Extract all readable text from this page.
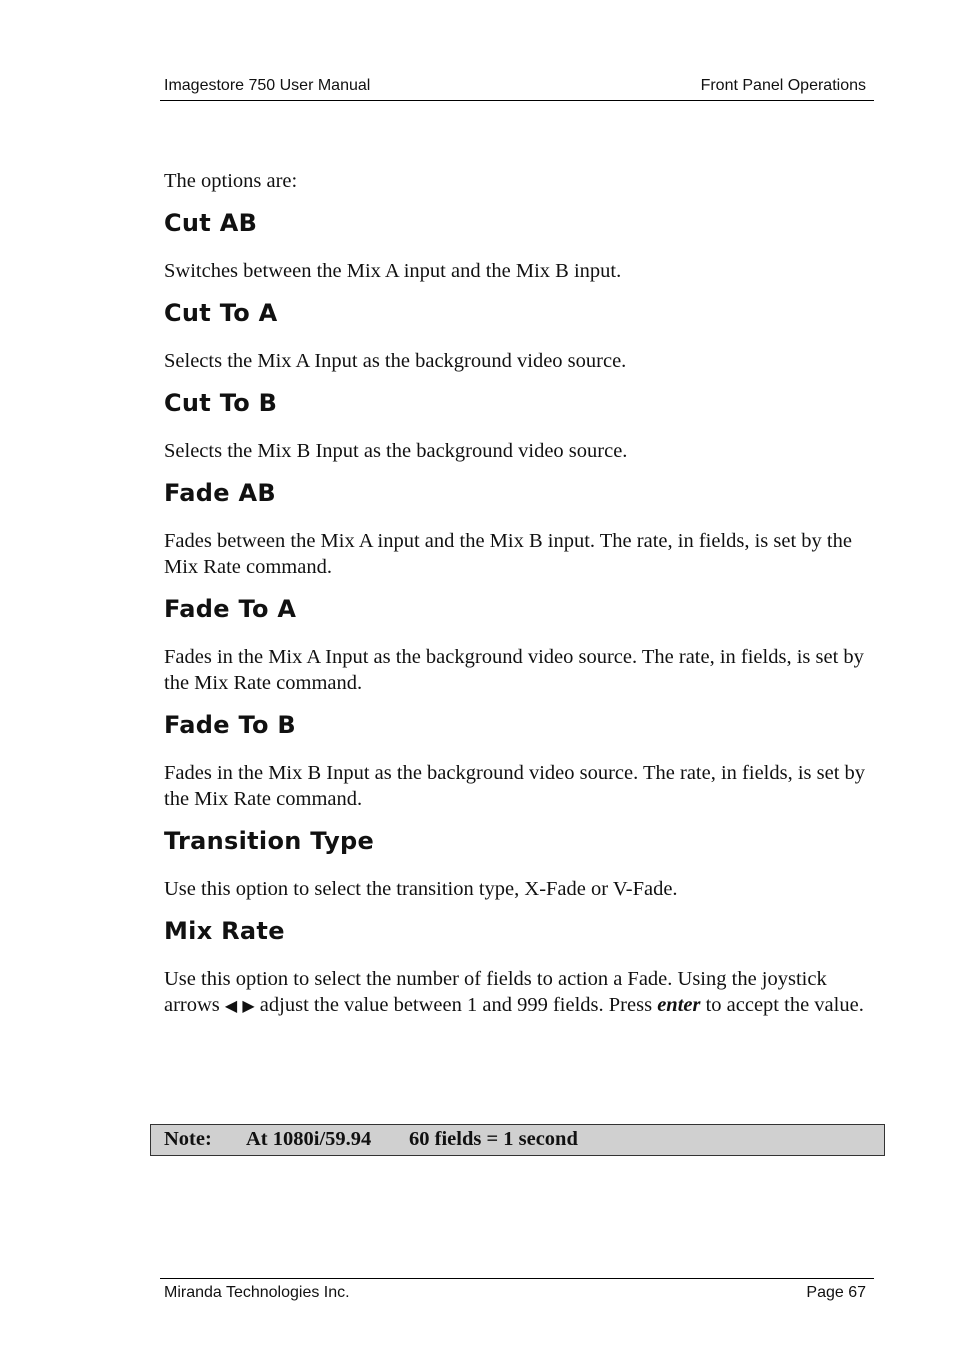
Imagestore 750 User Manual	Front Panel Operations

The options are:

Cut AB

Switches between the Mix A input and the Mix B input.

Cut To A

Selects the Mix A Input as the background video source.

Cut To B

Selects the Mix B Input as the background video source.

Fade AB

Fades between the Mix A input and the Mix B input. The rate, in fields, is set by the Mix Rate command.

Fade To A

Fades in the Mix A Input as the background video source. The rate, in fields, is set by the Mix Rate command.

Fade To B

Fades in the Mix B Input as the background video source. The rate, in fields, is set by the Mix Rate command.

Transition Type

Use this option to select the transition type, X-Fade or V-Fade.

Mix Rate

Use this option to select the number of fields to action a Fade. Using the joystick arrows ◀ ▶ adjust the value between 1 and 999 fields. Press enter to accept the value.

Note: At 1080i/59.94 60 fields = 1 second
Miranda Technologies Inc.	Page 67
